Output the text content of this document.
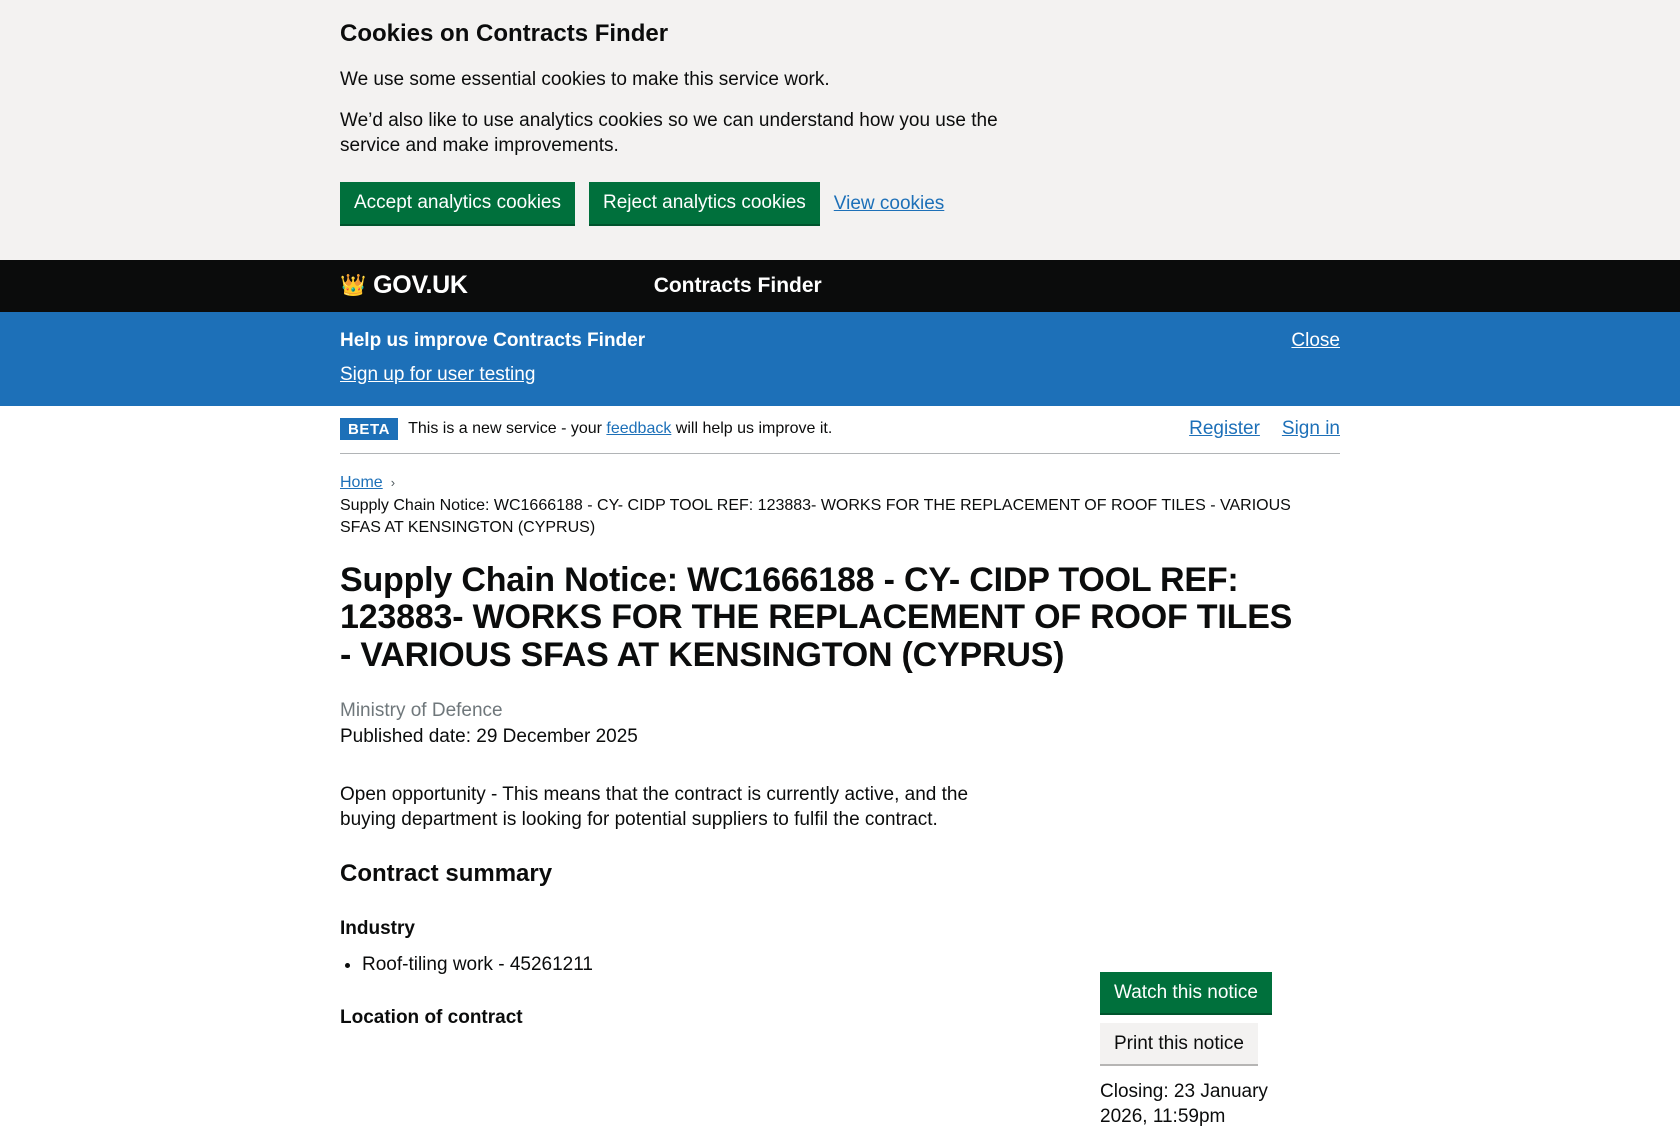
Cookies on Contracts Finder

We use some essential cookies to make this service work.

We’d also like to use analytics cookies so we can understand how you use the service and make improvements.

Accept analytics cookies	Reject analytics cookies	View cookies
👑 GOV.UK	Contracts Finder
Help us improve Contracts Finder
Sign up for user testing
Close
BETA	This is a new service - your feedback will help us improve it.	Register Sign in
Home ›
Supply Chain Notice: WC1666188 - CY- CIDP TOOL REF: 123883- WORKS FOR THE REPLACEMENT OF ROOF TILES - VARIOUS SFAS AT KENSINGTON (CYPRUS)
Supply Chain Notice: WC1666188 - CY- CIDP TOOL REF: 123883- WORKS FOR THE REPLACEMENT OF ROOF TILES - VARIOUS SFAS AT KENSINGTON (CYPRUS)

Ministry of Defence

Published date: 29 December 2025

Open opportunity - This means that the contract is currently active, and the buying department is looking for potential suppliers to fulfil the contract.

Contract summary
Industry
• Roof-tiling work - 45261211
Location of contract
Watch this notice
Print this notice
Closing: 23 January 2026, 11:59pm
